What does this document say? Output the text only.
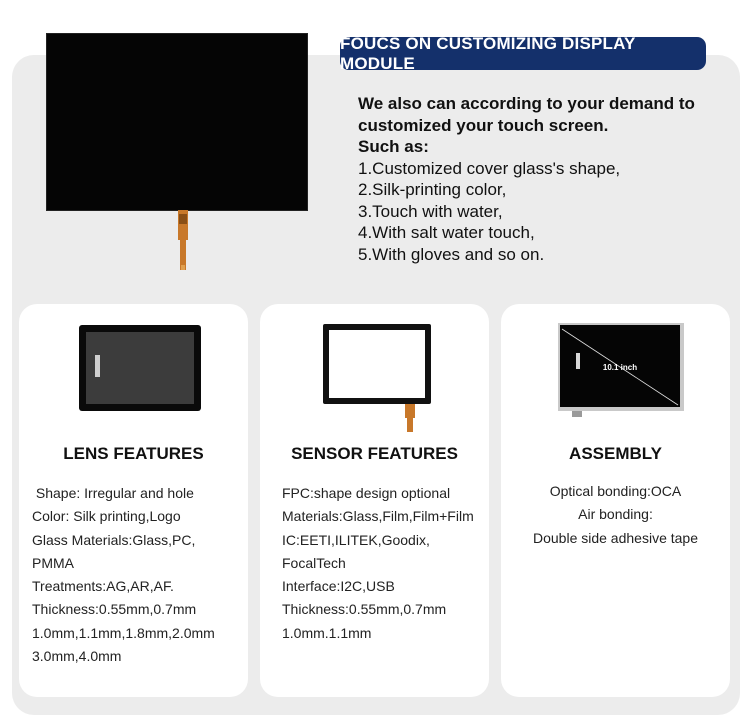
FOUCS ON CUSTOMIZING DISPLAY MODULE
We also can according to your demand to
customized your touch screen.
Such as:
1.Customized cover glass's shape,
2.Silk-printing color,
3.Touch with water,
4.With salt water touch,
5.With gloves and so on.
LENS FEATURES
Shape: Irregular and hole
Color: Silk printing,Logo
Glass Materials:Glass,PC,
PMMA
Treatments:AG,AR,AF.
Thickness:0.55mm,0.7mm
1.0mm,1.1mm,1.8mm,2.0mm
3.0mm,4.0mm
SENSOR FEATURES
FPC:shape design optional
Materials:Glass,Film,Film+Film
IC:EETI,ILITEK,Goodix,
FocalTech
Interface:I2C,USB
Thickness:0.55mm,0.7mm
1.0mm.1.1mm
10.1 inch
ASSEMBLY
Optical bonding:OCA
Air bonding:
Double side adhesive tape
